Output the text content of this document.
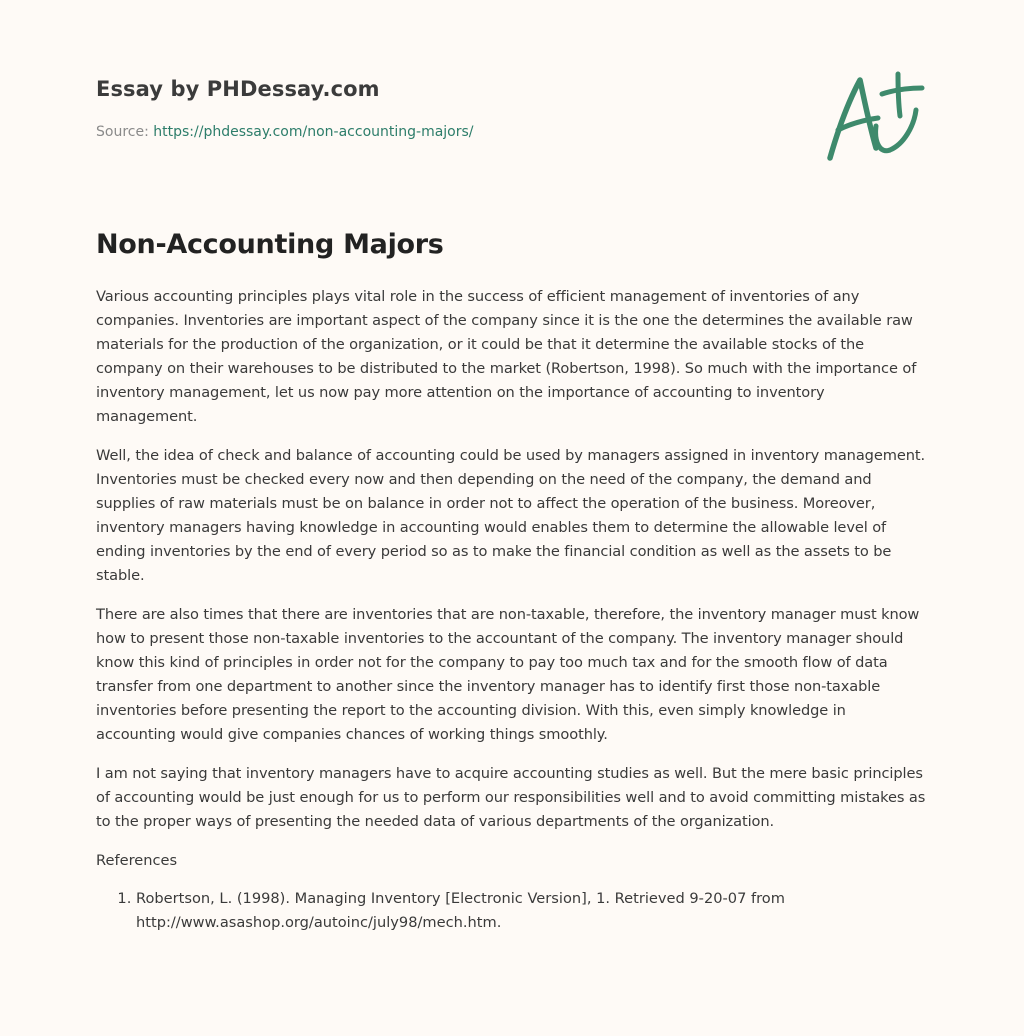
Essay by PHDessay.com

Source: https://phdessay.com/non-accounting-majors/

Non-Accounting Majors

Various accounting principles plays vital role in the success of efficient management of inventories of any companies. Inventories are important aspect of the company since it is the one the determines the available raw materials for the production of the organization, or it could be that it determine the available stocks of the company on their warehouses to be distributed to the market (Robertson, 1998). So much with the importance of inventory management, let us now pay more attention on the importance of accounting to inventory management.

Well, the idea of check and balance of accounting could be used by managers assigned in inventory management. Inventories must be checked every now and then depending on the need of the company, the demand and supplies of raw materials must be on balance in order not to affect the operation of the business. Moreover, inventory managers having knowledge in accounting would enables them to determine the allowable level of ending inventories by the end of every period so as to make the financial condition as well as the assets to be stable.

There are also times that there are inventories that are non-taxable, therefore, the inventory manager must know how to present those non-taxable inventories to the accountant of the company. The inventory manager should know this kind of principles in order not for the company to pay too much tax and for the smooth flow of data transfer from one department to another since the inventory manager has to identify first those non-taxable inventories before presenting the report to the accounting division. With this, even simply knowledge in accounting would give companies chances of working things smoothly.

I am not saying that inventory managers have to acquire accounting studies as well. But the mere basic principles of accounting would be just enough for us to perform our responsibilities well and to avoid committing mistakes as to the proper ways of presenting the needed data of various departments of the organization.

References

1. Robertson, L. (1998). Managing Inventory [Electronic Version], 1. Retrieved 9-20-07 from
http://www.asashop.org/autoinc/july98/mech.htm.
